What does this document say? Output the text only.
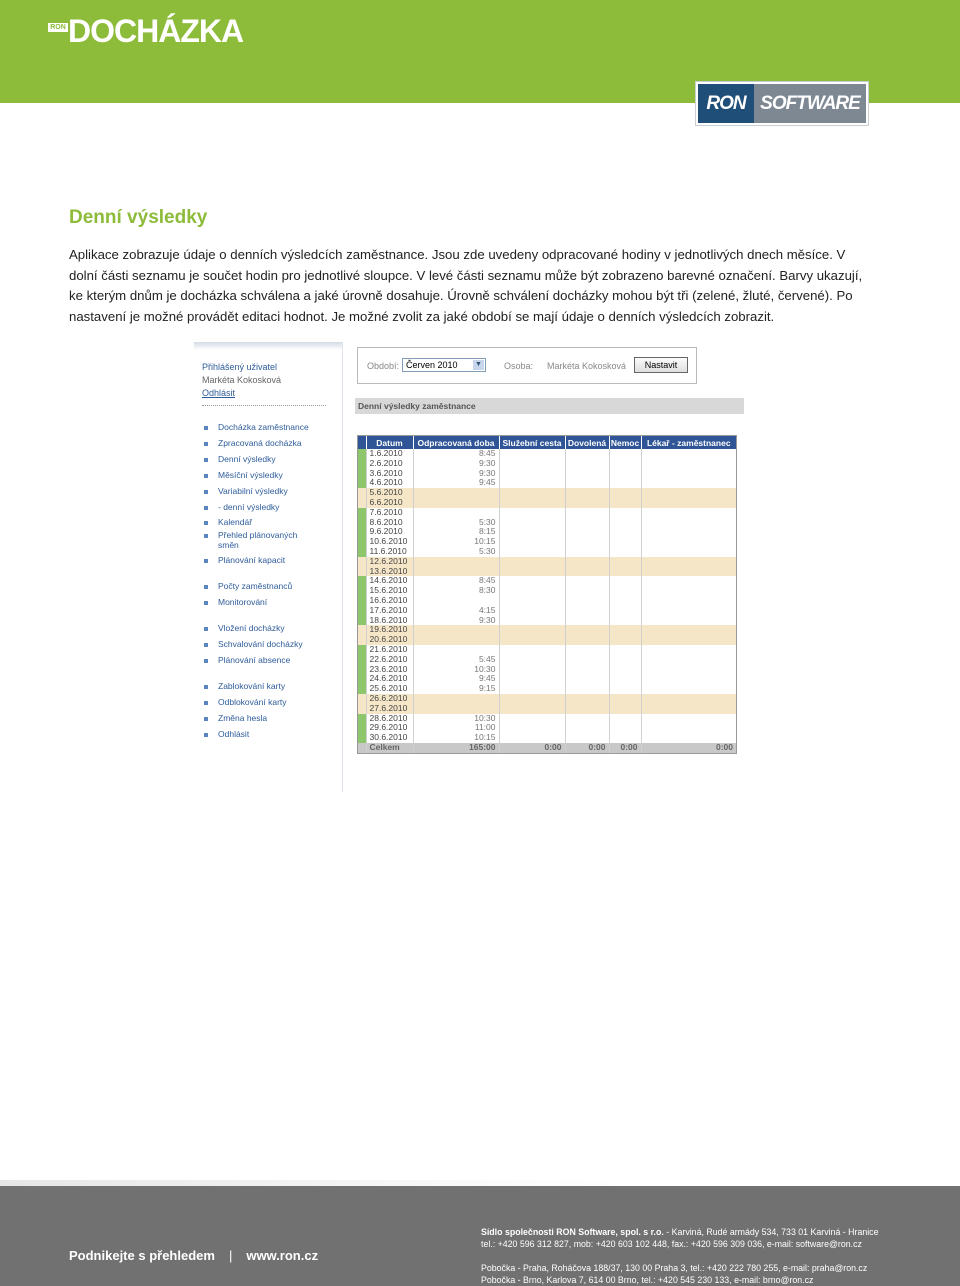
RON DOCHÁZKA
RON SOFTWARE
Denní výsledky
Aplikace zobrazuje údaje o denních výsledcích zaměstnance. Jsou zde uvedeny odpracované hodiny v jednotlivých dnech měsíce. V dolní části seznamu je součet hodin pro jednotlivé sloupce. V levé části seznamu může být zobrazeno barevné označení. Barvy ukazují, ke kterým dnům je docházka schválena a jaké úrovně dosahuje. Úrovně schválení docházky mohou být tři (zelené, žluté, červené). Po nastavení je možné provádět editaci hodnot. Je možné zvolit za jaké období se mají údaje o denních výsledcích zobrazit.
Přihlášený uživatel
Markéta Kokosková
Odhlásit
Docházka zaměstnance
Zpracovaná docházka
Denní výsledky
Měsíční výsledky
Variabilní výsledky
- denní výsledky
Kalendář
Přehled plánovaných směn
Plánování kapacit
Počty zaměstnanců
Monitorování
Vložení docházky
Schvalování docházky
Plánování absence
Zablokování karty
Odblokování karty
Změna hesla
Odhlásit
Období: Červen 2010 ▼ Osoba: Markéta Kokosková	Nastavit
Denní výsledky zaměstnance
	Datum	Odpracovaná doba	Služební cesta	Dovolená	Nemoc	Lékař - zaměstnanec
	1.6.2010	8:45				
	2.6.2010	9:30				
	3.6.2010	9:30				
	4.6.2010	9:45				
	5.6.2010					
	6.6.2010					
	7.6.2010					
	8.6.2010	5:30				
	9.6.2010	8:15				
	10.6.2010	10:15				
	11.6.2010	5:30				
	12.6.2010					
	13.6.2010					
	14.6.2010	8:45				
	15.6.2010	8:30				
	16.6.2010					
	17.6.2010	4:15				
	18.6.2010	9:30				
	19.6.2010					
	20.6.2010					
	21.6.2010					
	22.6.2010	5:45				
	23.6.2010	10:30				
	24.6.2010	9:45				
	25.6.2010	9:15				
	26.6.2010					
	27.6.2010					
	28.6.2010	10:30				
	29.6.2010	11:00				
	30.6.2010	10:15				
	Celkem	165:00	0:00	0:00	0:00	0:00
Podnikejte s přehledem | www.ron.cz
Sídlo společnosti RON Software, spol. s r.o. - Karviná, Rudé armády 534, 733 01 Karviná - Hranice
tel.: +420 596 312 827, mob: +420 603 102 448, fax.: +420 596 309 036, e-mail: software@ron.cz
Pobočka - Praha, Roháčova 188/37, 130 00 Praha 3, tel.: +420 222 780 255, e-mail: praha@ron.cz
Pobočka - Brno, Karlova 7, 614 00 Brno, tel.: +420 545 230 133, e-mail: brno@ron.cz
